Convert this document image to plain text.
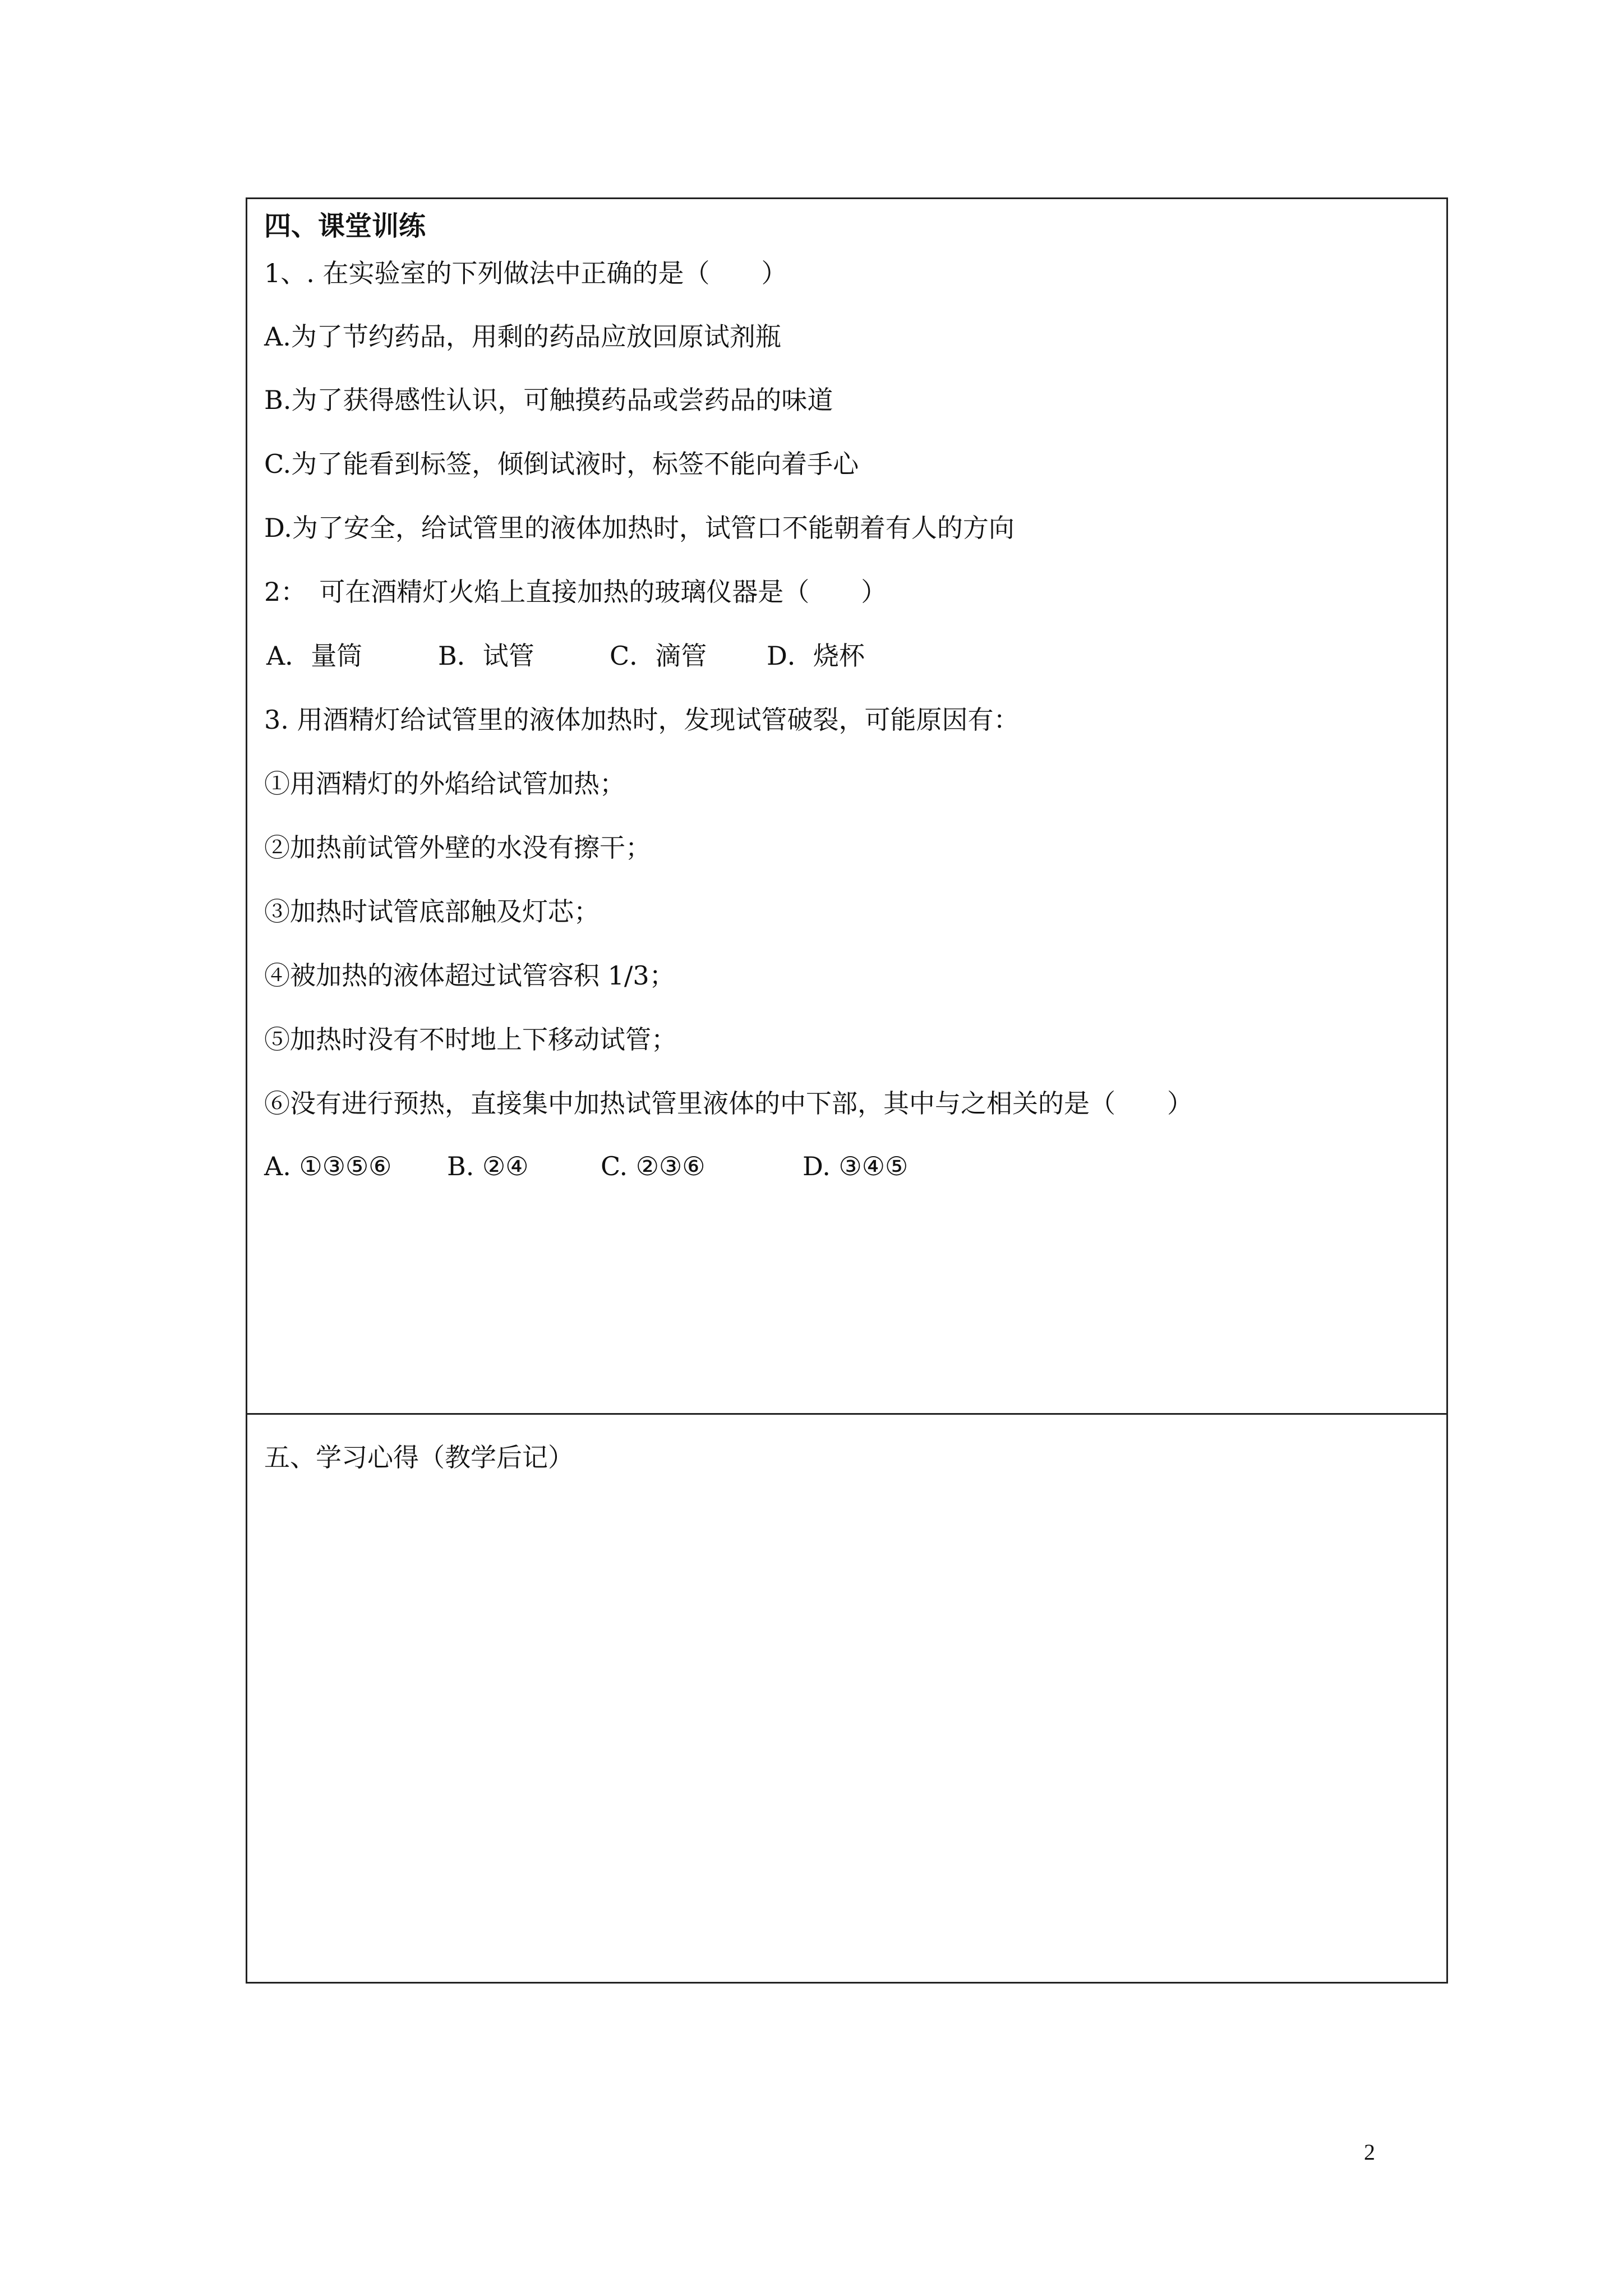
四、课堂训练
1、. 在实验室的下列做法中正确的是（　　）
A.为了节约药品，用剩的药品应放回原试剂瓶
B.为了获得感性认识，可触摸药品或尝药品的味道
C.为了能看到标签，倾倒试液时，标签不能向着手心
D.为了安全，给试管里的液体加热时，试管口不能朝着有人的方向
2：　可在酒精灯火焰上直接加热的玻璃仪器是（　　）
A．量筒	B．试管	C．滴管 D．烧杯
3. 用酒精灯给试管里的液体加热时，发现试管破裂，可能原因有：
①用酒精灯的外焰给试管加热；
②加热前试管外壁的水没有擦干；
③加热时试管底部触及灯芯；
④被加热的液体超过试管容积 1/3；
⑤加热时没有不时地上下移动试管；
⑥没有进行预热，直接集中加热试管里液体的中下部，其中与之相关的是（　　）
A. ①③⑤⑥ B. ②④	C. ②③⑥	D. ③④⑤
五、学习心得（教学后记）
2
